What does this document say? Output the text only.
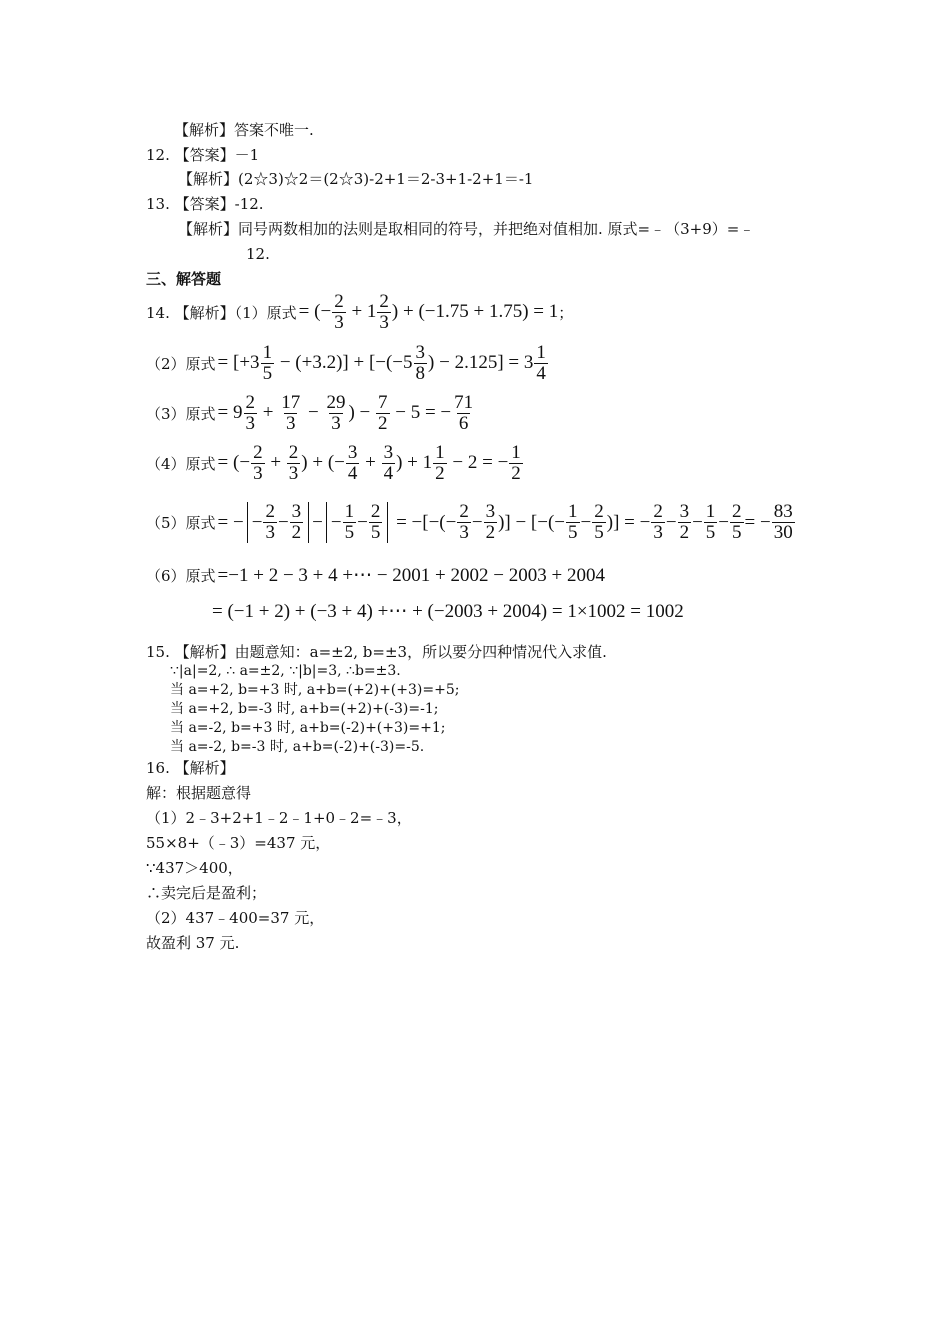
【解析】答案不唯一.
12. 【答案】－1
【解析】(2☆3)☆2＝(2☆3)-2+1＝2-3+1-2+1＝-1
13. 【答案】-12.
【解析】同号两数相加的法则是取相同的符号，并把绝对值相加. 原式=﹣（3+9）=﹣
12.
三、解答题
14. 【解析】（1）原式 = (− $\frac{2}{3} + 1 \frac{2}{3}$ ) + (−1.75 + 1.75) = 1 ；
（2）原式 = $[+3 \frac{1}{5} - (+3.2)] + [-(-5 \frac{3}{8}$ ) − $2.125] = 3 \frac{1}{4}$
（3）原式 = $9 \frac{2}{3} + \frac{17}{3} - \frac{29}{3}$ ) − $\frac{7}{2} - 5$ = − $\frac{71}{6}$
（4）原式 = (− $\frac{2}{3} + \frac{2}{3}$ ) + (− $\frac{3}{4} + \frac{3}{4}$ ) + $1 \frac{1}{2} - 2$ = − $\frac{1}{2}$
（5）原式 = − − $\frac{2}{3} - \frac{3}{2}$ − − $\frac{1}{5} - \frac{2}{5}$ = −[−(− $\frac{2}{3} - \frac{3}{2}$ )] − [−(− $\frac{1}{5} - \frac{2}{5}$ )] = − $\frac{2}{3} - \frac{3}{2} - \frac{1}{5} - \frac{2}{5}$ = − $\frac{83}{30}$
（6）原式 =−1 + 2 − 3 + 4 +⋯ − 2001 + 2002 − 2003 + 2004
= (−1 + 2) + (−3 + 4) +⋯ + (−2003 + 2004) = 1×1002 = 1002
15. 【解析】由题意知：a=±2, b=±3，所以要分四种情况代入求值.
∵|a|=2, ∴ a=±2, ∵|b|=3, ∴b=±3.
当 a=+2, b=+3 时, a+b=(+2)+(+3)=+5;
当 a=+2, b=-3 时, a+b=(+2)+(-3)=-1;
当 a=-2, b=+3 时, a+b=(-2)+(+3)=+1;
当 a=-2, b=-3 时, a+b=(-2)+(-3)=-5.
16. 【解析】
解：根据题意得
（1）2﹣3+2+1﹣2﹣1+0﹣2=﹣3，
55×8+（﹣3）=437 元，
∵437＞400，
∴卖完后是盈利；
（2）437﹣400=37 元，
故盈利 37 元.
